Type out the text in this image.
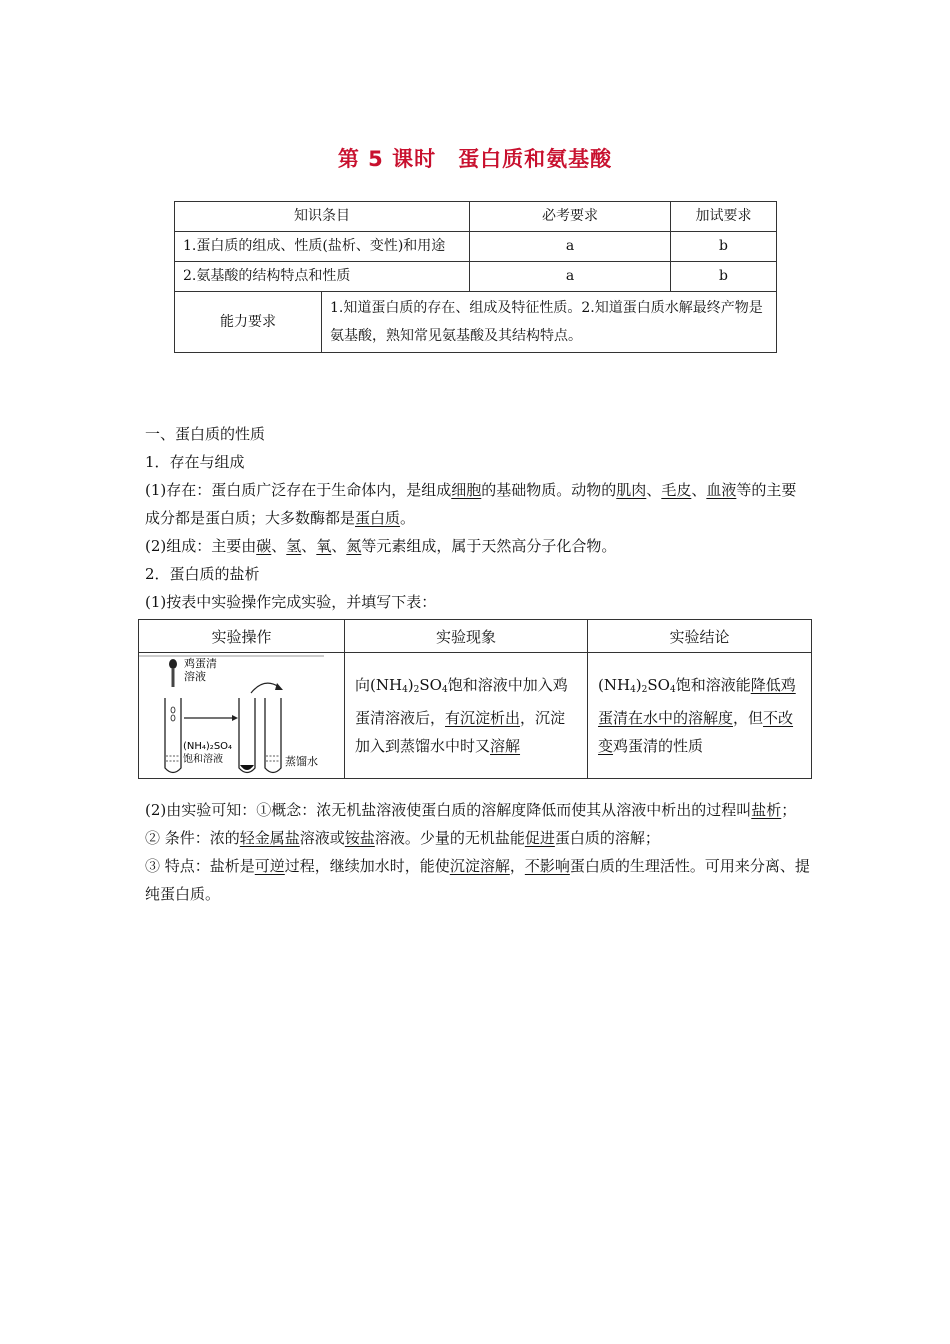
第 5 课时　蛋白质和氨基酸
知识条目	必考要求	加试要求
1.蛋白质的组成、性质(盐析、变性)和用途	a	b
2.氨基酸的结构特点和性质	a	b

能力要求	1.知道蛋白质的存在、组成及特征性质。2.知道蛋白质水解最终产物是氨基酸，熟知常见氨基酸及其结构特点。
一、蛋白质的性质
1．存在与组成
(1)存在：蛋白质广泛存在于生命体内，是组成细胞的基础物质。动物的肌肉、毛皮、血液等的主要成分都是蛋白质；大多数酶都是蛋白质。
(2)组成：主要由碳、氢、氧、氮等元素组成，属于天然高分子化合物。
2．蛋白质的盐析
(1)按表中实验操作完成实验，并填写下表：
实验操作	实验现象	实验结论

鸡蛋清
溶液
(NH₄)₂SO₄
饱和溶液 蒸馏水	向$(NH_4)_2SO_4$饱和溶液中加入鸡蛋清溶液后，有沉淀析出，沉淀加入到蒸馏水中时又溶解	$(NH_4)_2SO_4$饱和溶液能降低鸡蛋清在水中的溶解度，但不改变鸡蛋清的性质
(2)由实验可知：①概念：浓无机盐溶液使蛋白质的溶解度降低而使其从溶液中析出的过程叫盐析；
② 条件：浓的轻金属盐溶液或铵盐溶液。少量的无机盐能促进蛋白质的溶解；
③ 特点：盐析是可逆过程，继续加水时，能使沉淀溶解，不影响蛋白质的生理活性。可用来分离、提纯蛋白质。
